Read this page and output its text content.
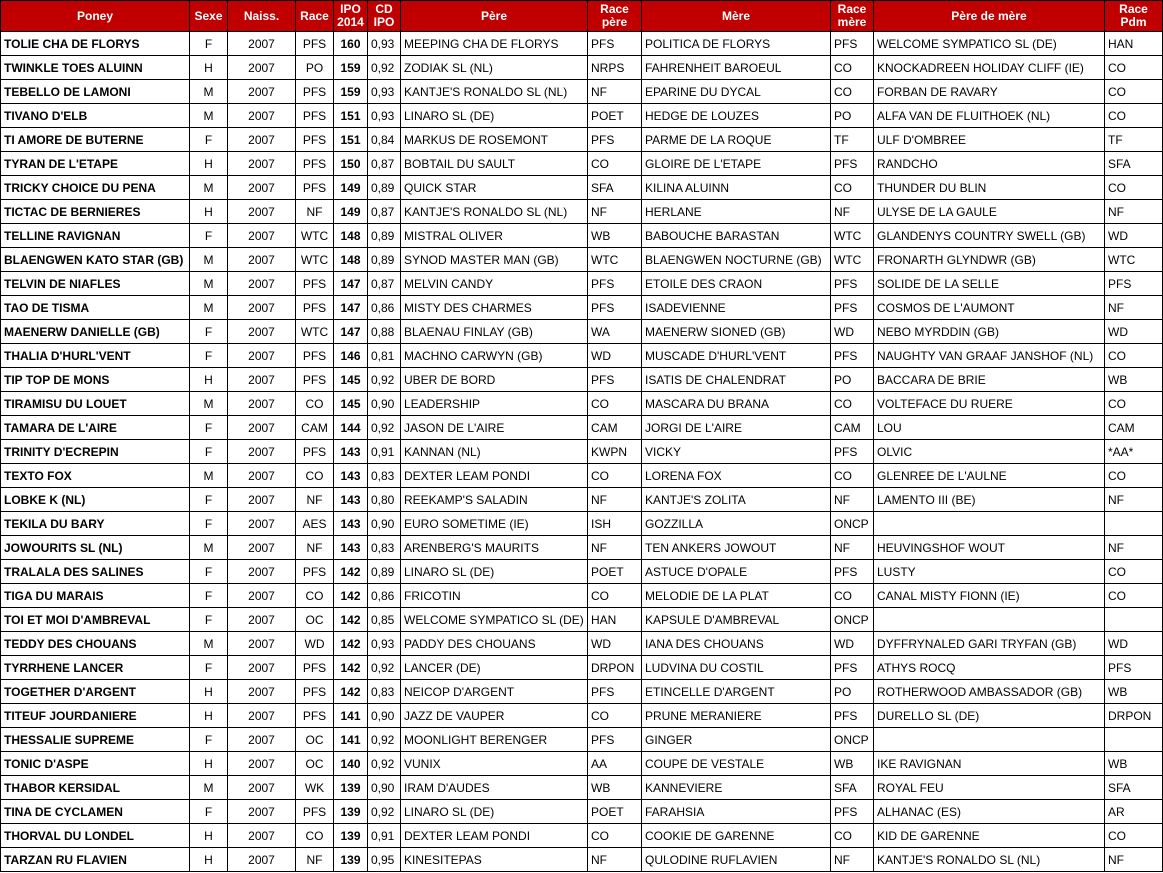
Poney	Sexe	Naiss.	Race	IPO 2014	CD IPO	Père	Race père	Mère	Race mère	Père de mère	Race Pdm
TOLIE CHA DE FLORYS	F	2007	PFS	160	0,93	MEEPING CHA DE FLORYS	PFS	POLITICA DE FLORYS	PFS	WELCOME SYMPATICO SL (DE)	HAN
TWINKLE TOES ALUINN	H	2007	PO	159	0,92	ZODIAK SL (NL)	NRPS	FAHRENHEIT BAROEUL	CO	KNOCKADREEN HOLIDAY CLIFF (IE)	CO
TEBELLO DE LAMONI	M	2007	PFS	159	0,93	KANTJE'S RONALDO SL (NL)	NF	EPARINE DU DYCAL	CO	FORBAN DE RAVARY	CO
TIVANO D'ELB	M	2007	PFS	151	0,93	LINARO SL (DE)	POET	HEDGE DE LOUZES	PO	ALFA VAN DE FLUITHOEK (NL)	CO
TI AMORE DE BUTERNE	F	2007	PFS	151	0,84	MARKUS DE ROSEMONT	PFS	PARME DE LA ROQUE	TF	ULF D'OMBREE	TF
TYRAN DE L'ETAPE	H	2007	PFS	150	0,87	BOBTAIL DU SAULT	CO	GLOIRE DE L'ETAPE	PFS	RANDCHO	SFA
TRICKY CHOICE DU PENA	M	2007	PFS	149	0,89	QUICK STAR	SFA	KILINA ALUINN	CO	THUNDER DU BLIN	CO
TICTAC DE BERNIERES	H	2007	NF	149	0,87	KANTJE'S RONALDO SL (NL)	NF	HERLANE	NF	ULYSE DE LA GAULE	NF
TELLINE RAVIGNAN	F	2007	WTC	148	0,89	MISTRAL OLIVER	WB	BABOUCHE BARASTAN	WTC	GLANDENYS COUNTRY SWELL (GB)	WD
BLAENGWEN KATO STAR (GB)	M	2007	WTC	148	0,89	SYNOD MASTER MAN (GB)	WTC	BLAENGWEN NOCTURNE (GB)	WTC	FRONARTH GLYNDWR (GB)	WTC
TELVIN DE NIAFLES	M	2007	PFS	147	0,87	MELVIN CANDY	PFS	ETOILE DES CRAON	PFS	SOLIDE DE LA SELLE	PFS
TAO DE TISMA	M	2007	PFS	147	0,86	MISTY DES CHARMES	PFS	ISADEVIENNE	PFS	COSMOS DE L'AUMONT	NF
MAENERW DANIELLE (GB)	F	2007	WTC	147	0,88	BLAENAU FINLAY (GB)	WA	MAENERW SIONED (GB)	WD	NEBO MYRDDIN (GB)	WD
THALIA D'HURL'VENT	F	2007	PFS	146	0,81	MACHNO CARWYN (GB)	WD	MUSCADE D'HURL'VENT	PFS	NAUGHTY VAN GRAAF JANSHOF (NL)	CO
TIP TOP DE MONS	H	2007	PFS	145	0,92	UBER DE BORD	PFS	ISATIS DE CHALENDRAT	PO	BACCARA DE BRIE	WB
TIRAMISU DU LOUET	M	2007	CO	145	0,90	LEADERSHIP	CO	MASCARA DU BRANA	CO	VOLTEFACE DU RUERE	CO
TAMARA DE L'AIRE	F	2007	CAM	144	0,92	JASON DE L'AIRE	CAM	JORGI DE L'AIRE	CAM	LOU	CAM
TRINITY D'ECREPIN	F	2007	PFS	143	0,91	KANNAN (NL)	KWPN	VICKY	PFS	OLVIC	*AA*
TEXTO FOX	M	2007	CO	143	0,83	DEXTER LEAM PONDI	CO	LORENA FOX	CO	GLENREE DE L'AULNE	CO
LOBKE K (NL)	F	2007	NF	143	0,80	REEKAMP'S SALADIN	NF	KANTJE'S ZOLITA	NF	LAMENTO III (BE)	NF
TEKILA DU BARY	F	2007	AES	143	0,90	EURO SOMETIME (IE)	ISH	GOZZILLA	ONCP		
JOWOURITS SL (NL)	M	2007	NF	143	0,83	ARENBERG'S MAURITS	NF	TEN ANKERS JOWOUT	NF	HEUVINGSHOF WOUT	NF
TRALALA DES SALINES	F	2007	PFS	142	0,89	LINARO SL (DE)	POET	ASTUCE D'OPALE	PFS	LUSTY	CO
TIGA DU MARAIS	F	2007	CO	142	0,86	FRICOTIN	CO	MELODIE DE LA PLAT	CO	CANAL MISTY FIONN (IE)	CO
TOI ET MOI D'AMBREVAL	F	2007	OC	142	0,85	WELCOME SYMPATICO SL (DE)	HAN	KAPSULE D'AMBREVAL	ONCP		
TEDDY DES CHOUANS	M	2007	WD	142	0,93	PADDY DES CHOUANS	WD	IANA DES CHOUANS	WD	DYFFRYNALED GARI TRYFAN (GB)	WD
TYRRHENE LANCER	F	2007	PFS	142	0,92	LANCER (DE)	DRPON	LUDVINA DU COSTIL	PFS	ATHYS ROCQ	PFS
TOGETHER D'ARGENT	H	2007	PFS	142	0,83	NEICOP D'ARGENT	PFS	ETINCELLE D'ARGENT	PO	ROTHERWOOD AMBASSADOR (GB)	WB
TITEUF JOURDANIERE	H	2007	PFS	141	0,90	JAZZ DE VAUPER	CO	PRUNE MERANIERE	PFS	DURELLO SL (DE)	DRPON
THESSALIE SUPREME	F	2007	OC	141	0,92	MOONLIGHT BERENGER	PFS	GINGER	ONCP		
TONIC D'ASPE	H	2007	OC	140	0,92	VUNIX	AA	COUPE DE VESTALE	WB	IKE RAVIGNAN	WB
THABOR KERSIDAL	M	2007	WK	139	0,90	IRAM D'AUDES	WB	KANNEVIERE	SFA	ROYAL FEU	SFA
TINA DE CYCLAMEN	F	2007	PFS	139	0,92	LINARO SL (DE)	POET	FARAHSIA	PFS	ALHANAC (ES)	AR
THORVAL DU LONDEL	H	2007	CO	139	0,91	DEXTER LEAM PONDI	CO	COOKIE DE GARENNE	CO	KID DE GARENNE	CO
TARZAN RU FLAVIEN	H	2007	NF	139	0,95	KINESITEPAS	NF	QULODINE RUFLAVIEN	NF	KANTJE'S RONALDO SL (NL)	NF
